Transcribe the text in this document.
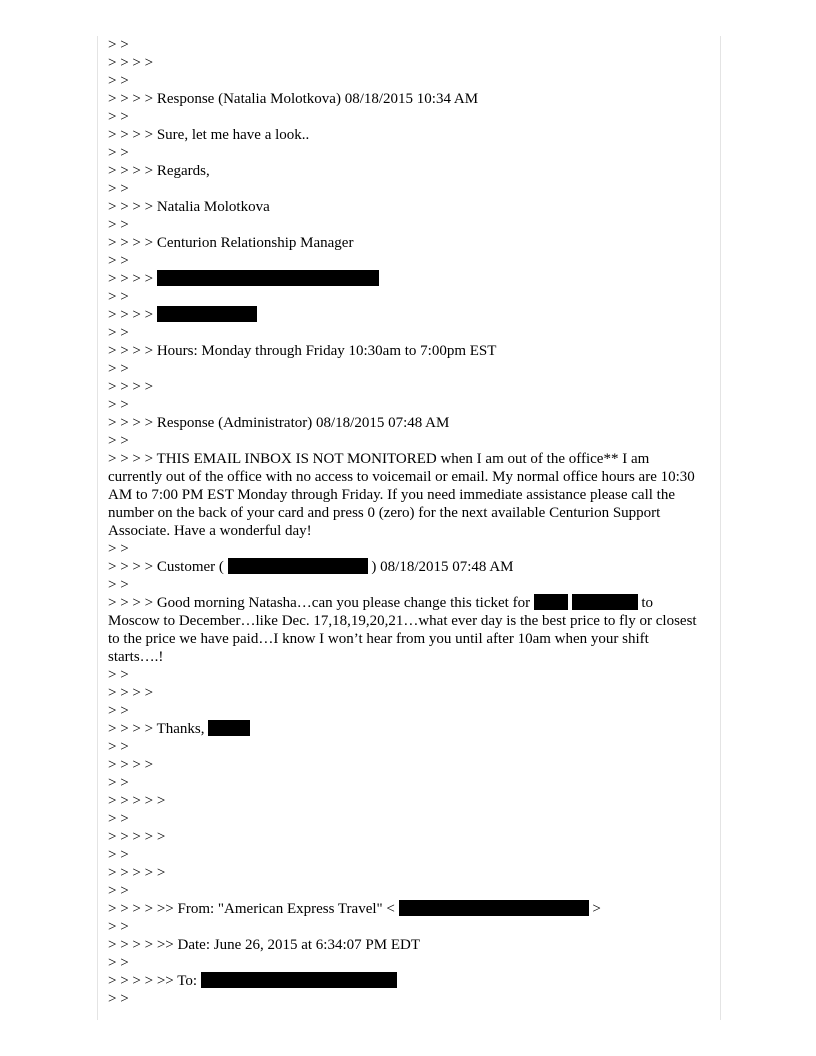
> >
> > > >
> >
> > > > Response (Natalia Molotkova) 08/18/2015 10:34 AM
> >
> > > > Sure, let me have a look..
> >
> > > > Regards,
> >
> > > > Natalia Molotkova
> >
> > > > Centurion Relationship Manager
> >
> > > >
> >
> > > >
> >
> > > > Hours: Monday through Friday 10:30am to 7:00pm EST
> >
> > > >
> >
> > > > Response (Administrator) 08/18/2015 07:48 AM
> >
> > > > THIS EMAIL INBOX IS NOT MONITORED when I am out of the office** I am currently out of the office with no access to voicemail or email. My normal office hours are 10:30 AM to 7:00 PM EST Monday through Friday. If you need immediate assistance please call the number on the back of your card and press 0 (zero) for the next available Centurion Support Associate. Have a wonderful day!
> >
> > > > Customer (	) 08/18/2015 07:48 AM
> >
> > > > Good morning Natasha…can you please change this ticket for	to Moscow to December…like Dec. 17,18,19,20,21…what ever day is the best price to fly or closest to the price we have paid…I know I won’t hear from you until after 10am when your shift starts….!
> >
> > > >
> >
> > > > Thanks,
> >
> > > >
> >
> > > > >
> >
> > > > >
> >
> > > > >
> >
> > > > >> From: "American Express Travel" <	>
> >
> > > > >> Date: June 26, 2015 at 6:34:07 PM EDT
> >
> > > > >> To:
> >
